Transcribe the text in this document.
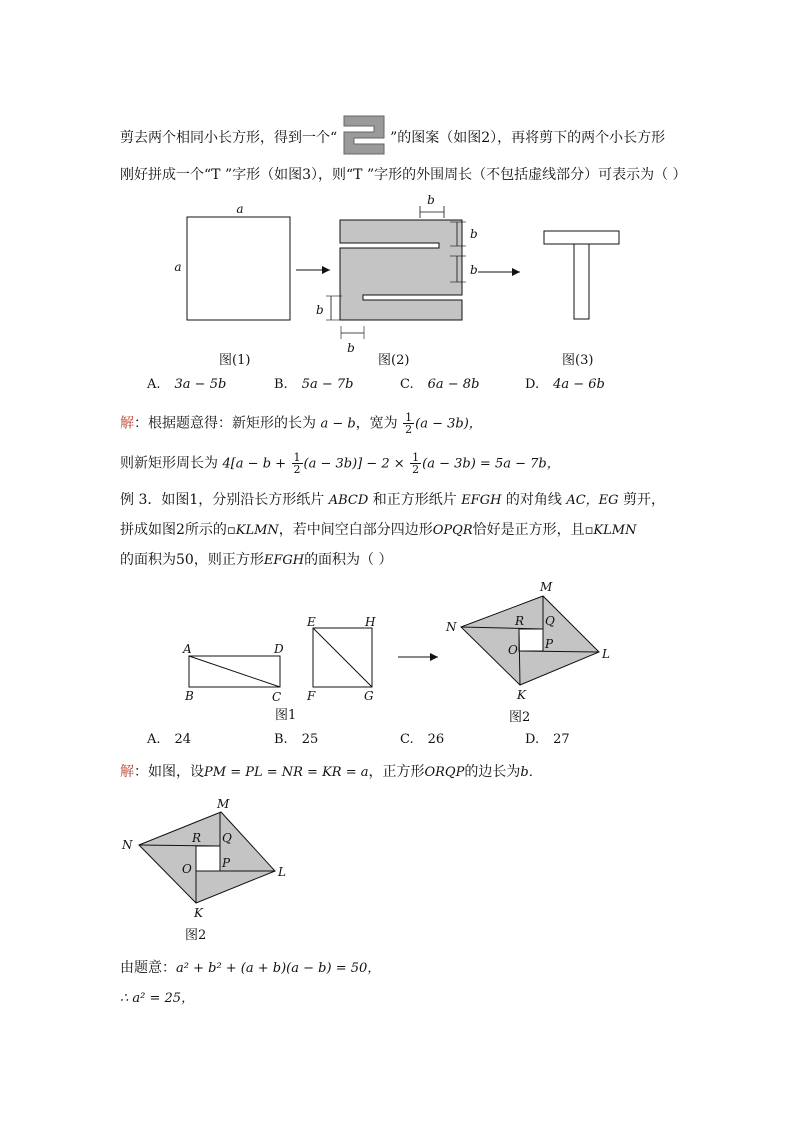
剪去两个相同小长方形，得到一个“	”的图案（如图2），再将剪下的两个小长方形
刚好拼成一个“T ”字形（如图3），则“T ”字形的外围周长（不包括虚线部分）可表示为（ ）
a
a
b
b
b
b
b
图(1)	图(2)	图(3)
A. 3a − 5b	B. 5a − 7b	C. 6a − 8b	D. 4a − 6b
解：根据题意得：新矩形的长为 a − b，宽为 $\frac{1}{2} (a - 3b)$，
则新矩形周长为 $4[a - b + \frac{1}{2} (a - 3b)] - 2 \times \frac{1}{2} (a - 3b) = 5a - 7b$，
例 3．如图1，分别沿长方形纸片 ABCD 和正方形纸片 EFGH 的对角线 AC，EG 剪开，
拼成如图2所示的▫KLMN，若中间空白部分四边形OPQR恰好是正方形，且▫KLMN
的面积为50，则正方形EFGH的面积为（ ）
A	D
B	C
E	H
F	G
M
N
L
K
R Q
O P
图1	图2
A. 24	B. 25	C. 26	D. 27
解：如图，设PM = PL = NR = KR = a，正方形ORQP的边长为b．
M
N
L
K
R Q
O	P
图2
由题意：a² + b² + (a + b)(a − b) = 50，
∴ a² = 25，
